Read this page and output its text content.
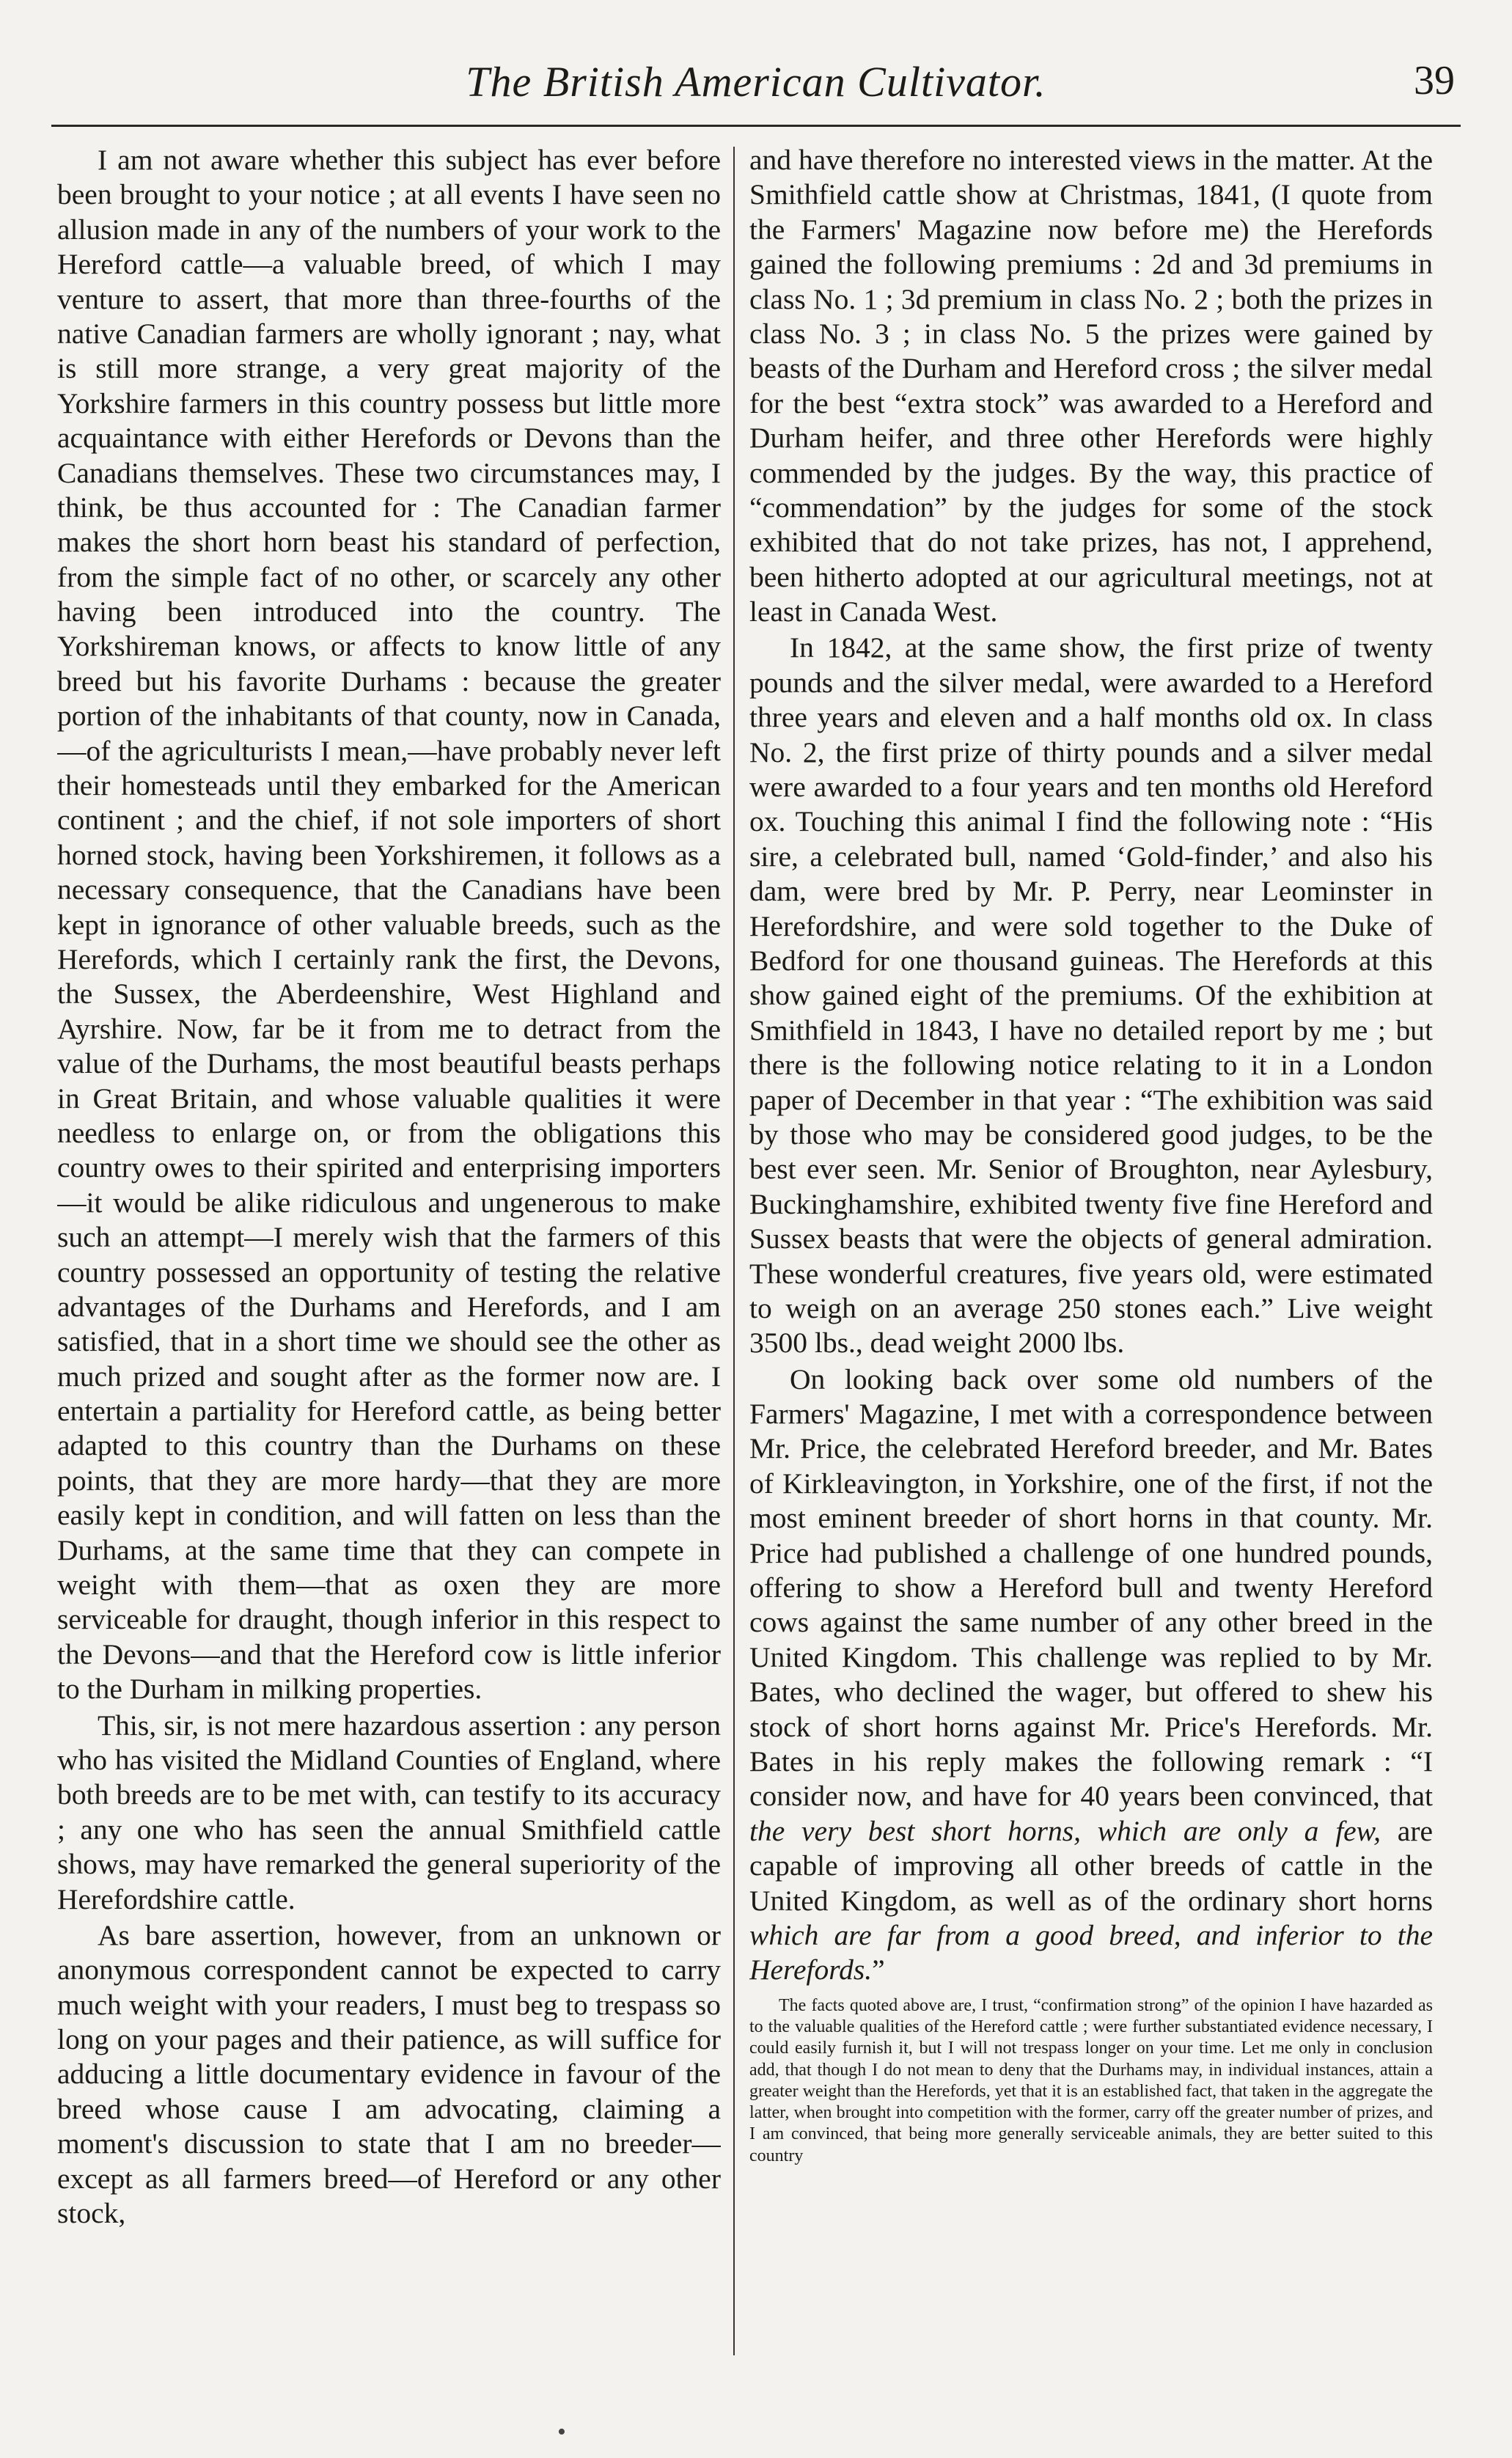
The British American Cultivator.	39

I am not aware whether this subject has ever before been brought to your notice ; at all events I have seen no allusion made in any of the numbers of your work to the Hereford cattle—a valuable breed, of which I may venture to assert, that more than three-fourths of the native Canadian farmers are wholly ignorant ; nay, what is still more strange, a very great majority of the Yorkshire farmers in this country possess but little more acquaintance with either Herefords or Devons than the Canadians themselves. These two circumstances may, I think, be thus accounted for : The Canadian farmer makes the short horn beast his standard of perfection, from the simple fact of no other, or scarcely any other having been introduced into the country. The Yorkshireman knows, or affects to know little of any breed but his favorite Durhams : because the greater portion of the inhabitants of that county, now in Canada,—of the agriculturists I mean,—have probably never left their homesteads until they embarked for the American continent ; and the chief, if not sole importers of short horned stock, having been Yorkshiremen, it follows as a necessary consequence, that the Canadians have been kept in ignorance of other valuable breeds, such as the Herefords, which I certainly rank the first, the Devons, the Sussex, the Aberdeenshire, West Highland and Ayrshire. Now, far be it from me to detract from the value of the Durhams, the most beautiful beasts perhaps in Great Britain, and whose valuable qualities it were needless to enlarge on, or from the obligations this country owes to their spirited and enterprising importers—it would be alike ridiculous and ungenerous to make such an attempt—I merely wish that the farmers of this country possessed an opportunity of testing the relative advantages of the Durhams and Herefords, and I am satisfied, that in a short time we should see the other as much prized and sought after as the former now are. I entertain a partiality for Hereford cattle, as being better adapted to this country than the Durhams on these points, that they are more hardy—that they are more easily kept in condition, and will fatten on less than the Durhams, at the same time that they can compete in weight with them—that as oxen they are more serviceable for draught, though inferior in this respect to the Devons—and that the Hereford cow is little inferior to the Durham in milking properties.

This, sir, is not mere hazardous assertion : any person who has visited the Midland Counties of England, where both breeds are to be met with, can testify to its accuracy ; any one who has seen the annual Smithfield cattle shows, may have remarked the general superiority of the Herefordshire cattle.

As bare assertion, however, from an unknown or anonymous correspondent cannot be expected to carry much weight with your readers, I must beg to trespass so long on your pages and their patience, as will suffice for adducing a little documentary evidence in favour of the breed whose cause I am advocating, claiming a moment's discussion to state that I am no breeder—except as all farmers breed—of Hereford or any other stock,

and have therefore no interested views in the matter. At the Smithfield cattle show at Christmas, 1841, (I quote from the Farmers' Magazine now before me) the Herefords gained the following premiums : 2d and 3d premiums in class No. 1 ; 3d premium in class No. 2 ; both the prizes in class No. 3 ; in class No. 5 the prizes were gained by beasts of the Durham and Hereford cross ; the silver medal for the best “extra stock” was awarded to a Hereford and Durham heifer, and three other Herefords were highly commended by the judges. By the way, this practice of “commendation” by the judges for some of the stock exhibited that do not take prizes, has not, I apprehend, been hitherto adopted at our agricultural meetings, not at least in Canada West.

In 1842, at the same show, the first prize of twenty pounds and the silver medal, were awarded to a Hereford three years and eleven and a half months old ox. In class No. 2, the first prize of thirty pounds and a silver medal were awarded to a four years and ten months old Hereford ox. Touching this animal I find the following note : “His sire, a celebrated bull, named ‘Gold-finder,’ and also his dam, were bred by Mr. P. Perry, near Leominster in Herefordshire, and were sold together to the Duke of Bedford for one thousand guineas. The Herefords at this show gained eight of the premiums. Of the exhibition at Smithfield in 1843, I have no detailed report by me ; but there is the following notice relating to it in a London paper of December in that year : “The exhibition was said by those who may be considered good judges, to be the best ever seen. Mr. Senior of Broughton, near Aylesbury, Buckinghamshire, exhibited twenty five fine Hereford and Sussex beasts that were the objects of general admiration. These wonderful creatures, five years old, were estimated to weigh on an average 250 stones each.” Live weight 3500 lbs., dead weight 2000 lbs.

On looking back over some old numbers of the Farmers' Magazine, I met with a correspondence between Mr. Price, the celebrated Hereford breeder, and Mr. Bates of Kirkleavington, in Yorkshire, one of the first, if not the most eminent breeder of short horns in that county. Mr. Price had published a challenge of one hundred pounds, offering to show a Hereford bull and twenty Hereford cows against the same number of any other breed in the United Kingdom. This challenge was replied to by Mr. Bates, who declined the wager, but offered to shew his stock of short horns against Mr. Price's Herefords. Mr. Bates in his reply makes the following remark : “I consider now, and have for 40 years been convinced, that the very best short horns, which are only a few, are capable of improving all other breeds of cattle in the United Kingdom, as well as of the ordinary short horns which are far from a good breed, and inferior to the Herefords.”

The facts quoted above are, I trust, “confirmation strong” of the opinion I have hazarded as to the valuable qualities of the Hereford cattle ; were further substantiated evidence necessary, I could easily furnish it, but I will not trespass longer on your time. Let me only in conclusion add, that though I do not mean to deny that the Durhams may, in individual instances, attain a greater weight than the Herefords, yet that it is an established fact, that taken in the aggregate the latter, when brought into competition with the former, carry off the greater number of prizes, and I am convinced, that being more generally serviceable animals, they are better suited to this country

•
